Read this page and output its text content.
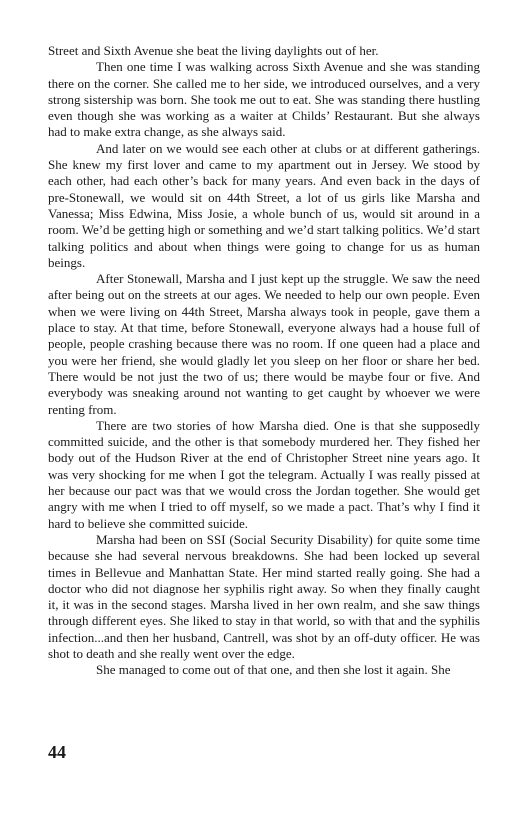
Street and Sixth Avenue she beat the living daylights out of her.

Then one time I was walking across Sixth Avenue and she was standing there on the corner. She called me to her side, we introduced ourselves, and a very strong sistership was born. She took me out to eat. She was standing there hustling even though she was working as a waiter at Childs’ Restaurant. But she always had to make extra change, as she always said.

And later on we would see each other at clubs or at different gatherings. She knew my first lover and came to my apartment out in Jersey. We stood by each other, had each other’s back for many years. And even back in the days of pre-Stonewall, we would sit on 44th Street, a lot of us girls like Marsha and Vanessa; Miss Edwina, Miss Josie, a whole bunch of us, would sit around in a room. We’d be getting high or something and we’d start talking politics. We’d start talking politics and about when things were going to change for us as human beings.

After Stonewall, Marsha and I just kept up the struggle. We saw the need after being out on the streets at our ages. We needed to help our own people. Even when we were living on 44th Street, Marsha always took in people, gave them a place to stay. At that time, before Stonewall, everyone always had a house full of people, people crashing because there was no room. If one queen had a place and you were her friend, she would gladly let you sleep on her floor or share her bed. There would be not just the two of us; there would be maybe four or five. And everybody was sneaking around not wanting to get caught by whoever we were renting from.

There are two stories of how Marsha died. One is that she supposedly committed suicide, and the other is that somebody murdered her. They fished her body out of the Hudson River at the end of Christopher Street nine years ago. It was very shocking for me when I got the telegram. Actually I was really pissed at her because our pact was that we would cross the Jordan together. She would get angry with me when I tried to off myself, so we made a pact. That’s why I find it hard to believe she committed suicide.

Marsha had been on SSI (Social Security Disability) for quite some time because she had several nervous breakdowns. She had been locked up several times in Bellevue and Manhattan State. Her mind started really going. She had a doctor who did not diagnose her syphilis right away. So when they finally caught it, it was in the second stages. Marsha lived in her own realm, and she saw things through different eyes. She liked to stay in that world, so with that and the syphilis infection...and then her husband, Cantrell, was shot by an off-duty officer. He was shot to death and she really went over the edge.

She managed to come out of that one, and then she lost it again. She

44
